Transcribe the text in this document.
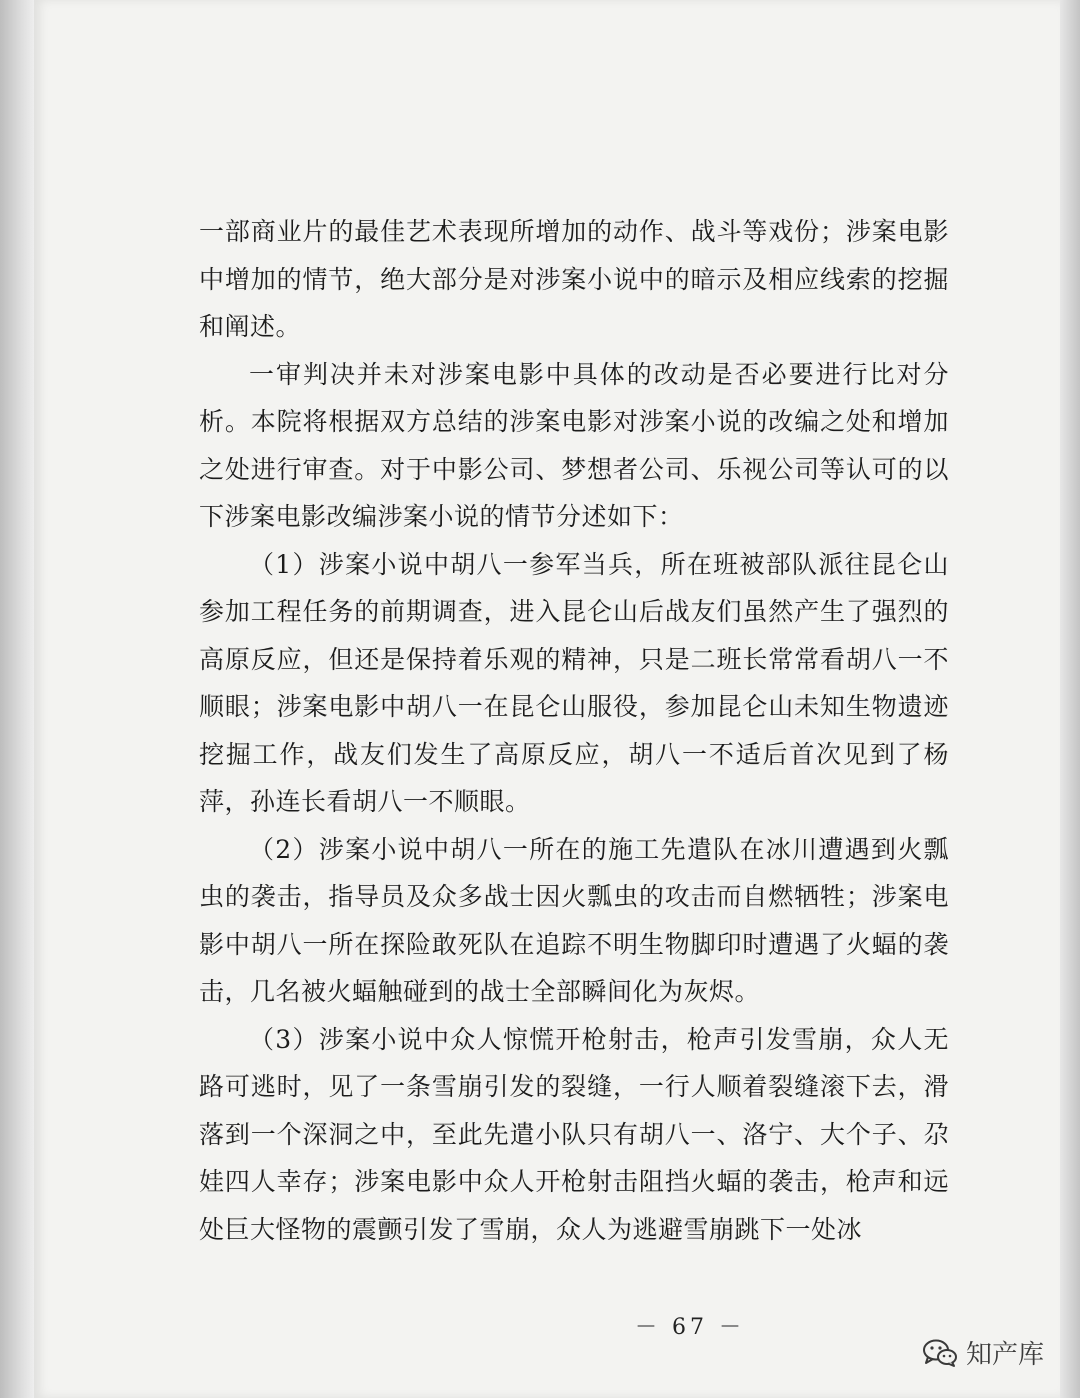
一部商业片的最佳艺术表现所增加的动作、战斗等戏份；涉案电影中增加的情节，绝大部分是对涉案小说中的暗示及相应线索的挖掘和阐述。

一审判决并未对涉案电影中具体的改动是否必要进行比对分析。本院将根据双方总结的涉案电影对涉案小说的改编之处和增加之处进行审查。对于中影公司、梦想者公司、乐视公司等认可的以下涉案电影改编涉案小说的情节分述如下：

（1）涉案小说中胡八一参军当兵，所在班被部队派往昆仑山参加工程任务的前期调查，进入昆仑山后战友们虽然产生了强烈的高原反应，但还是保持着乐观的精神，只是二班长常常看胡八一不顺眼；涉案电影中胡八一在昆仑山服役，参加昆仑山未知生物遗迹挖掘工作，战友们发生了高原反应，胡八一不适后首次见到了杨萍，孙连长看胡八一不顺眼。

（2）涉案小说中胡八一所在的施工先遣队在冰川遭遇到火瓢虫的袭击，指导员及众多战士因火瓢虫的攻击而自燃牺牲；涉案电影中胡八一所在探险敢死队在追踪不明生物脚印时遭遇了火蝠的袭击，几名被火蝠触碰到的战士全部瞬间化为灰烬。

（3）涉案小说中众人惊慌开枪射击，枪声引发雪崩，众人无路可逃时，见了一条雪崩引发的裂缝，一行人顺着裂缝滚下去，滑落到一个深洞之中，至此先遣小队只有胡八一、洛宁、大个子、尕娃四人幸存；涉案电影中众人开枪射击阻挡火蝠的袭击，枪声和远处巨大怪物的震颤引发了雪崩，众人为逃避雪崩跳下一处冰

－ 67 －
知产库
